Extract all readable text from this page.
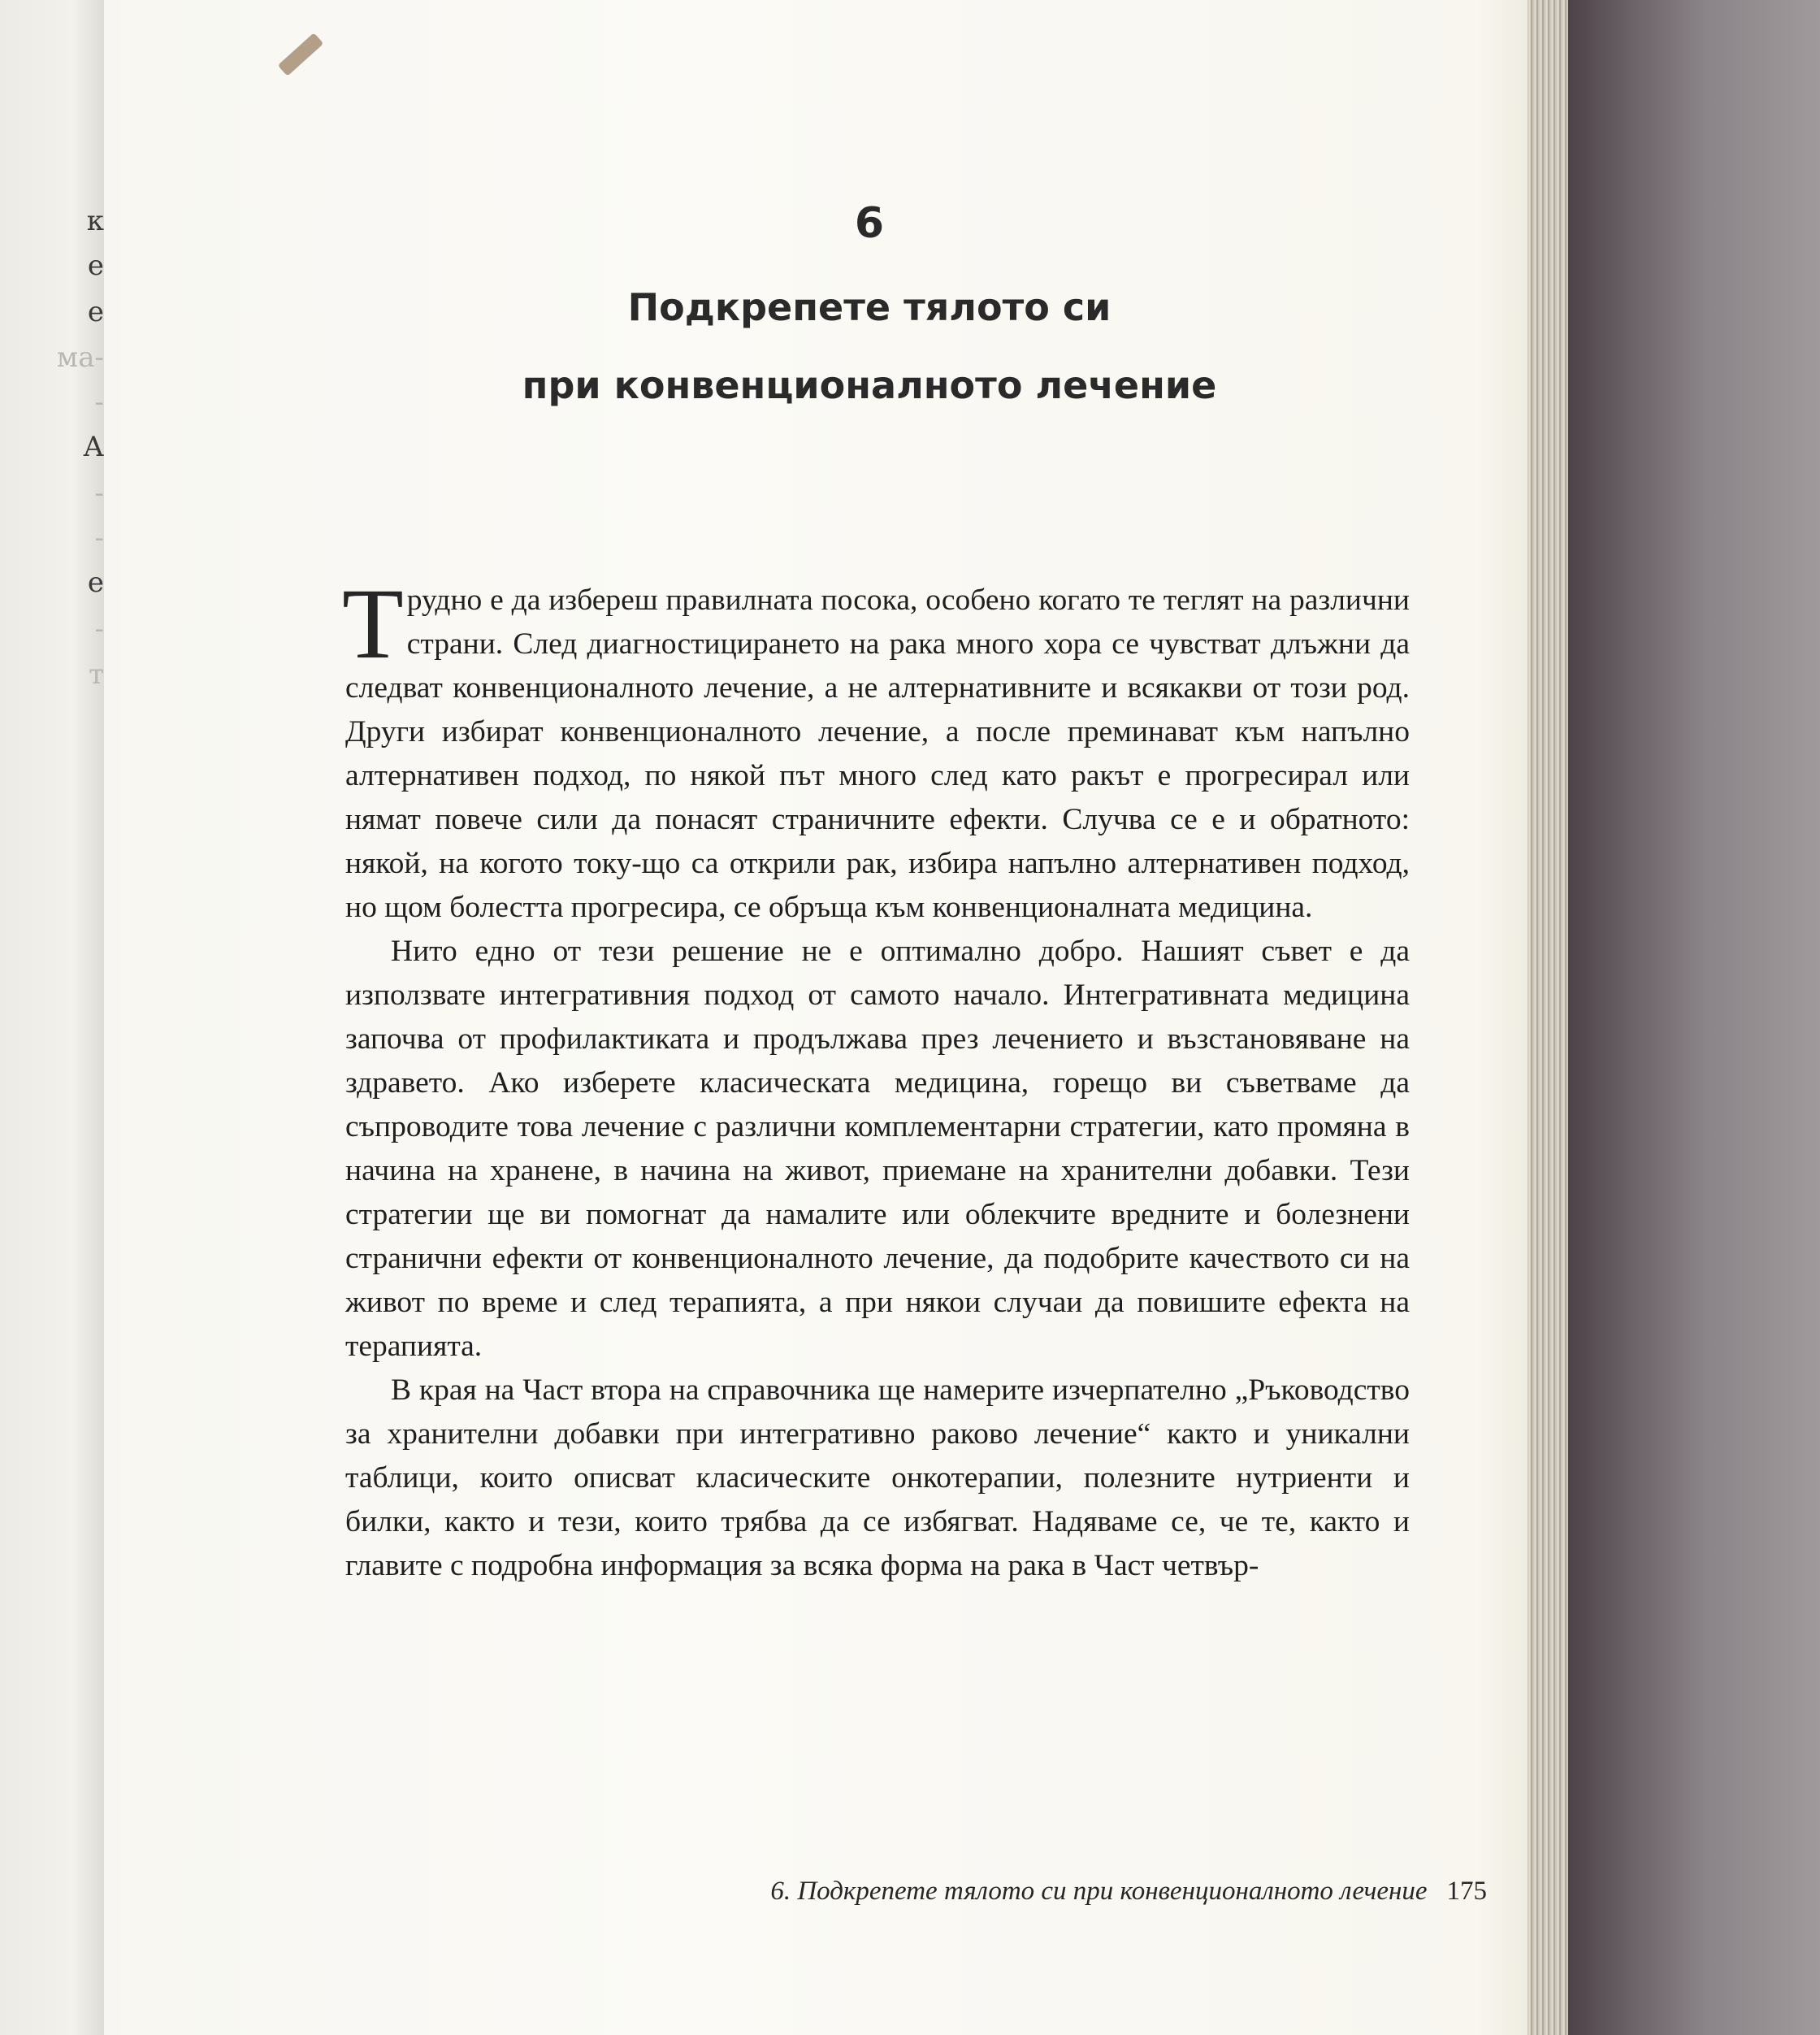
к
е
е
ма-
-
А
-
-
е
-
т
6
Подкрепете тялото си
при конвенционалното лечение

Трудно е да избереш правилната посока, особено когато те теглят на различни страни. След диагностицирането на рака много хора се чувстват длъжни да следват конвенционалното лечение, а не алтернативните и всякакви от този род. Други избират конвенционалното лечение, а после преминават към напълно алтернативен подход, по някой път много след като ракът е прогресирал или нямат повече сили да понасят страничните ефекти. Случва се е и обратното: някой, на когото току-що са открили рак, избира напълно алтернативен подход, но щом болестта прогресира, се обръща към конвенционалната медицина.

Нито едно от тези решение не е оптимално добро. Нашият съвет е да използвате интегративния подход от самото начало. Интегративната медицина започва от профилактиката и продължава през лечението и възстановяване на здравето. Ако изберете класическата медицина, горещо ви съветваме да съпроводите това лечение с различни комплементарни стратегии, като промяна в начина на хранене, в начина на живот, приемане на хранителни добавки. Тези стратегии ще ви помогнат да намалите или облекчите вредните и болезнени странични ефекти от конвенционалното лечение, да подобрите качеството си на живот по време и след терапията, а при някои случаи да повишите ефекта на терапията.

В края на Част втора на справочника ще намерите изчерпателно „Ръководство за хранителни добавки при интегративно раково лечение“ както и уникални таблици, които описват класическите онкотерапии, полезните нутриенти и билки, както и тези, които трябва да се избягват. Надяваме се, че те, както и главите с подробна информация за всяка форма на рака в Част четвър-

6. Подкрепете тялото си при конвенционалното лечение 175
